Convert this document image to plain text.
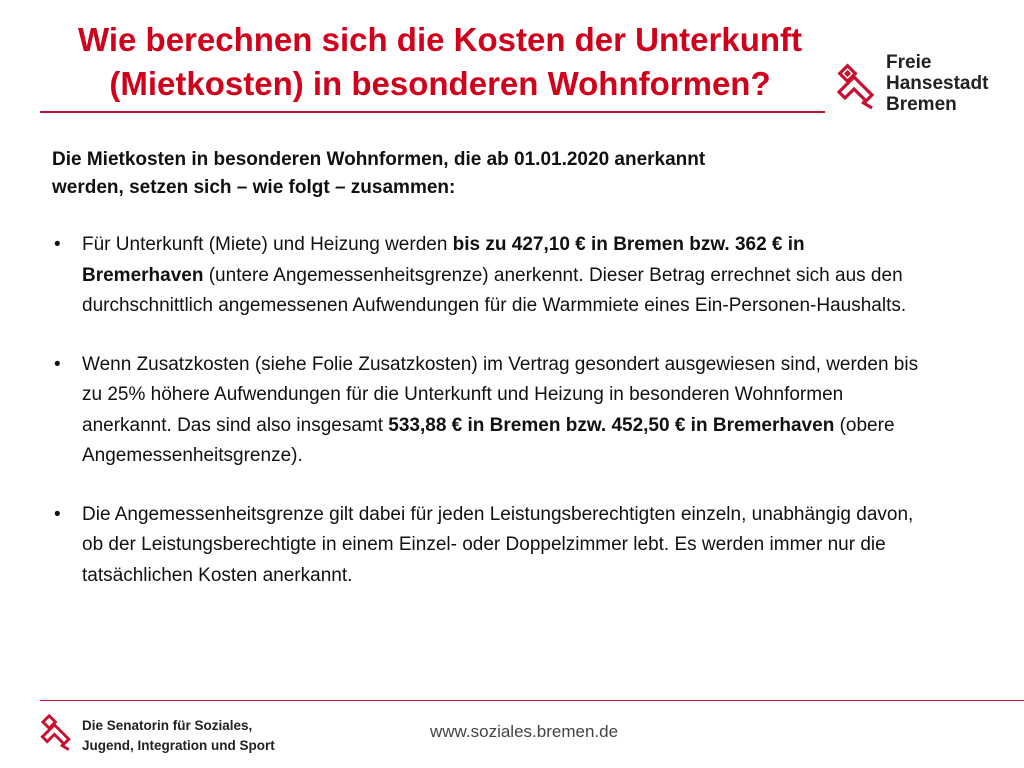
Wie berechnen sich die Kosten der Unterkunft
(Mietkosten) in besonderen Wohnformen?
Freie
Hansestadt
Bremen
Die Mietkosten in besonderen Wohnformen, die ab 01.01.2020 anerkannt
werden, setzen sich – wie folgt – zusammen:
• Für Unterkunft (Miete) und Heizung werden bis zu 427,10 € in Bremen bzw. 362 € in Bremerhaven (untere Angemessenheitsgrenze) anerkennt. Dieser Betrag errechnet sich aus den durchschnittlich angemessenen Aufwendungen für die Warmmiete eines Ein-Personen-Haushalts.
• Wenn Zusatzkosten (siehe Folie Zusatzkosten) im Vertrag gesondert ausgewiesen sind, werden bis zu 25% höhere Aufwendungen für die Unterkunft und Heizung in besonderen Wohnformen anerkannt. Das sind also insgesamt 533,88 € in Bremen bzw. 452,50 € in Bremerhaven (obere Angemessenheitsgrenze).
• Die Angemessenheitsgrenze gilt dabei für jeden Leistungsberechtigten einzeln, unabhängig davon, ob der Leistungsberechtigte in einem Einzel- oder Doppelzimmer lebt. Es werden immer nur die tatsächlichen Kosten anerkannt.
Die Senatorin für Soziales,
Jugend, Integration und Sport
www.soziales.bremen.de
